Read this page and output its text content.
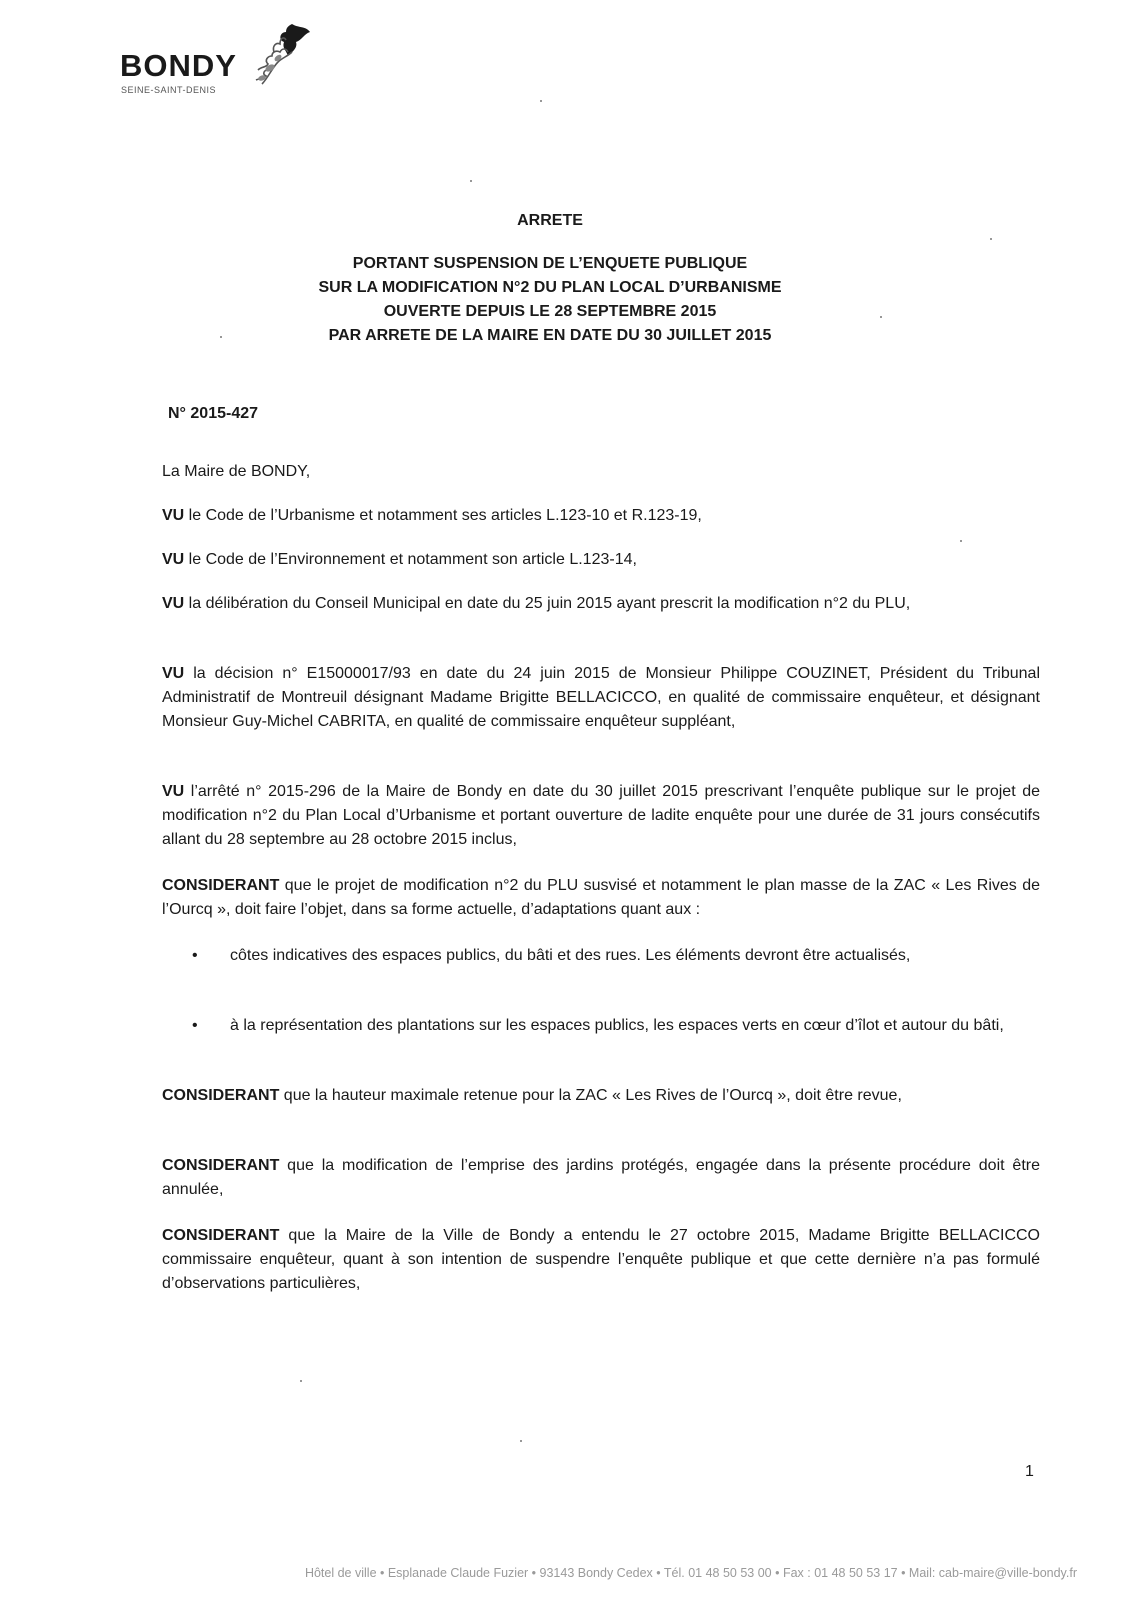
BONDY
SEINE-SAINT-DENIS
ARRETE
PORTANT SUSPENSION DE L’ENQUETE PUBLIQUE
SUR LA MODIFICATION N°2 DU PLAN LOCAL D’URBANISME
OUVERTE DEPUIS LE 28 SEPTEMBRE 2015
PAR ARRETE DE LA MAIRE EN DATE DU 30 JUILLET 2015
N° 2015-427
La Maire de BONDY,
VU le Code de l’Urbanisme et notamment ses articles L.123-10 et R.123-19,
VU le Code de l’Environnement et notamment son article L.123-14,
VU la délibération du Conseil Municipal en date du 25 juin 2015 ayant prescrit la modification n°2 du PLU,
VU la décision n° E15000017/93 en date du 24 juin 2015 de Monsieur Philippe COUZINET, Président du Tribunal Administratif de Montreuil désignant Madame Brigitte BELLACICCO, en qualité de commissaire enquêteur, et désignant Monsieur Guy-Michel CABRITA, en qualité de commissaire enquêteur suppléant,
VU l’arrêté n° 2015-296 de la Maire de Bondy en date du 30 juillet 2015 prescrivant l’enquête publique sur le projet de modification n°2 du Plan Local d’Urbanisme et portant ouverture de ladite enquête pour une durée de 31 jours consécutifs allant du 28 septembre au 28 octobre 2015 inclus,
CONSIDERANT que le projet de modification n°2 du PLU susvisé et notamment le plan masse de la ZAC « Les Rives de l’Ourcq », doit faire l’objet, dans sa forme actuelle, d’adaptations quant aux :
• côtes indicatives des espaces publics, du bâti et des rues. Les éléments devront être actualisés,
• à la représentation des plantations sur les espaces publics, les espaces verts en cœur d’îlot et autour du bâti,
CONSIDERANT que la hauteur maximale retenue pour la ZAC « Les Rives de l’Ourcq », doit être revue,
CONSIDERANT que la modification de l’emprise des jardins protégés, engagée dans la présente procédure doit être annulée,
CONSIDERANT que la Maire de la Ville de Bondy a entendu le 27 octobre 2015, Madame Brigitte BELLACICCO commissaire enquêteur, quant à son intention de suspendre l’enquête publique et que cette dernière n’a pas formulé d’observations particulières,
1
Hôtel de ville • Esplanade Claude Fuzier • 93143 Bondy Cedex • Tél. 01 48 50 53 00 • Fax : 01 48 50 53 17 • Mail: cab-maire@ville-bondy.fr
